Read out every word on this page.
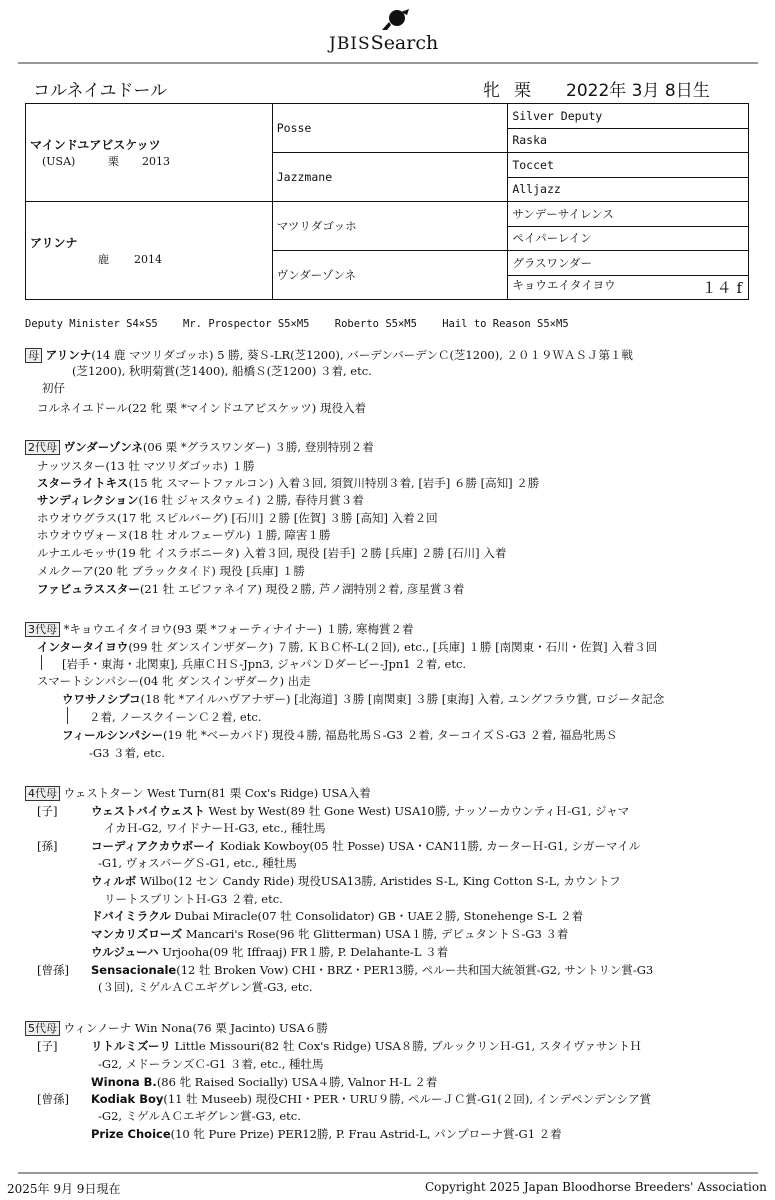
JBISSearch
コルネイユドール	牝 栗 2022年 3月 8日生
マインドユアビスケッツ
(USA) 栗 2013	Posse	Silver Deputy
		Raska
	Jazzmane	Toccet
		Alljazz

アリンナ
鹿 2014	マツリダゴッホ	サンデーサイレンス
		ペイパーレイン
	ヴンダーゾンネ	グラスワンダー
		キョウエイタイヨウ １４ f
Deputy Minister S4×S5    Mr. Prospector S5×M5    Roberto S5×M5    Hail to Reason S5×M5
母 アリンナ(14 鹿 マツリダゴッホ) 5 勝, 葵Ｓ-LR(芝1200), バーデンバーデンＣ(芝1200), ２０１９ＷＡＳＪ第１戦
(芝1200), 秋明菊賞(芝1400), 船橋Ｓ(芝1200) ３着, etc.
初仔
コルネイユドール(22 牝 栗 *マインドユアビスケッツ) 現役入着
2代母 ヴンダーゾンネ(06 栗 *グラスワンダー) ３勝, 登別特別２着
ナッツスター(13 牡 マツリダゴッホ) １勝
スターライトキス(15 牝 スマートファルコン) 入着３回, 須賀川特別３着, [岩手] ６勝 [高知] ２勝
サンディレクション(16 牡 ジャスタウェイ) ２勝, 春待月賞３着
ホウオウグラス(17 牝 スピルバーグ) [石川] ２勝 [佐賀] ３勝 [高知] 入着２回
ホウオウヴォーヌ(18 牡 オルフェーヴル) １勝, 障害１勝
ルナエルモッサ(19 牝 イスラボニータ) 入着３回, 現役 [岩手] ２勝 [兵庫] ２勝 [石川] 入着
メルクーア(20 牝 ブラックタイド) 現役 [兵庫] １勝
ファビュラススター(21 牡 エピファネイア) 現役２勝, 芦ノ湖特別２着, 彦星賞３着
3代母 *キョウエイタイヨウ(93 栗 *フォーティナイナー) １勝, 寒梅賞２着
インタータイヨウ(99 牡 ダンスインザダーク) ７勝, ＫＢＣ杯-L(２回), etc., [兵庫] １勝 [南関東・石川・佐賀] 入着３回
[岩手・東海・北関東], 兵庫ＣＨＳ-Jpn3, ジャパンＤダービー-Jpn1 ２着, etc.
スマートシンパシー(04 牝 ダンスインザダーク) 出走
ウワサノシブコ(18 牝 *アイルハヴアナザー) [北海道] ３勝 [南関東] ３勝 [東海] 入着, ユングフラウ賞, ロジータ記念
２着, ノースクイーンＣ２着, etc.
フィールシンパシー(19 牝 *ベーカバド) 現役４勝, 福島牝馬Ｓ-G3 ２着, ターコイズＳ-G3 ２着, 福島牝馬Ｓ
-G3 ３着, etc.
4代母 ウェストターン West Turn(81 栗 Cox's Ridge) USA入着
[子]	ウェストバイウェスト West by West(89 牡 Gone West) USA10勝, ナッソーカウンティＨ-G1, ジャマ
イカＨ-G2, ワイドナーＨ-G3, etc., 種牡馬
[孫]	コーディアクカウボーイ Kodiak Kowboy(05 牡 Posse) USA・CAN11勝, カーターＨ-G1, シガーマイル
-G1, ヴォスバーグＳ-G1, etc., 種牡馬
ウィルボ Wilbo(12 セン Candy Ride) 現役USA13勝, Aristides S-L, King Cotton S-L, カウントフ
リートスプリントＨ-G3 ２着, etc.
ドバイミラクル Dubai Miracle(07 牡 Consolidator) GB・UAE２勝, Stonehenge S-L ２着
マンカリズローズ Mancari's Rose(96 牝 Glitterman) USA１勝, デビュタントＳ-G3 ３着
ウルジューハ Urjooha(09 牝 Iffraaj) FR１勝, P. Delahante-L ３着
[曾孫] Sensacionale(12 牡 Broken Vow) CHI・BRZ・PER13勝, ペルー共和国大統領賞-G2, サントリン賞-G3
(３回), ミゲルＡＣエギグレン賞-G3, etc.
5代母 ウィンノーナ Win Nona(76 栗 Jacinto) USA６勝
[子]	リトルミズーリ Little Missouri(82 牡 Cox's Ridge) USA８勝, ブルックリンＨ-G1, スタイヴァサントＨ
-G2, メドーランズＣ-G1 ３着, etc., 種牡馬
Winona B.(86 牝 Raised Socially) USA４勝, Valnor H-L ２着
[曾孫] Kodiak Boy(11 牡 Museeb) 現役CHI・PER・URU９勝, ペルーＪＣ賞-G1(２回), インデペンデンシア賞
-G2, ミゲルＡＣエギグレン賞-G3, etc.
Prize Choice(10 牝 Pure Prize) PER12勝, P. Frau Astrid-L, パンプローナ賞-G1 ２着
2025年 9月 9日現在	Copyright 2025 Japan Bloodhorse Breeders' Association
